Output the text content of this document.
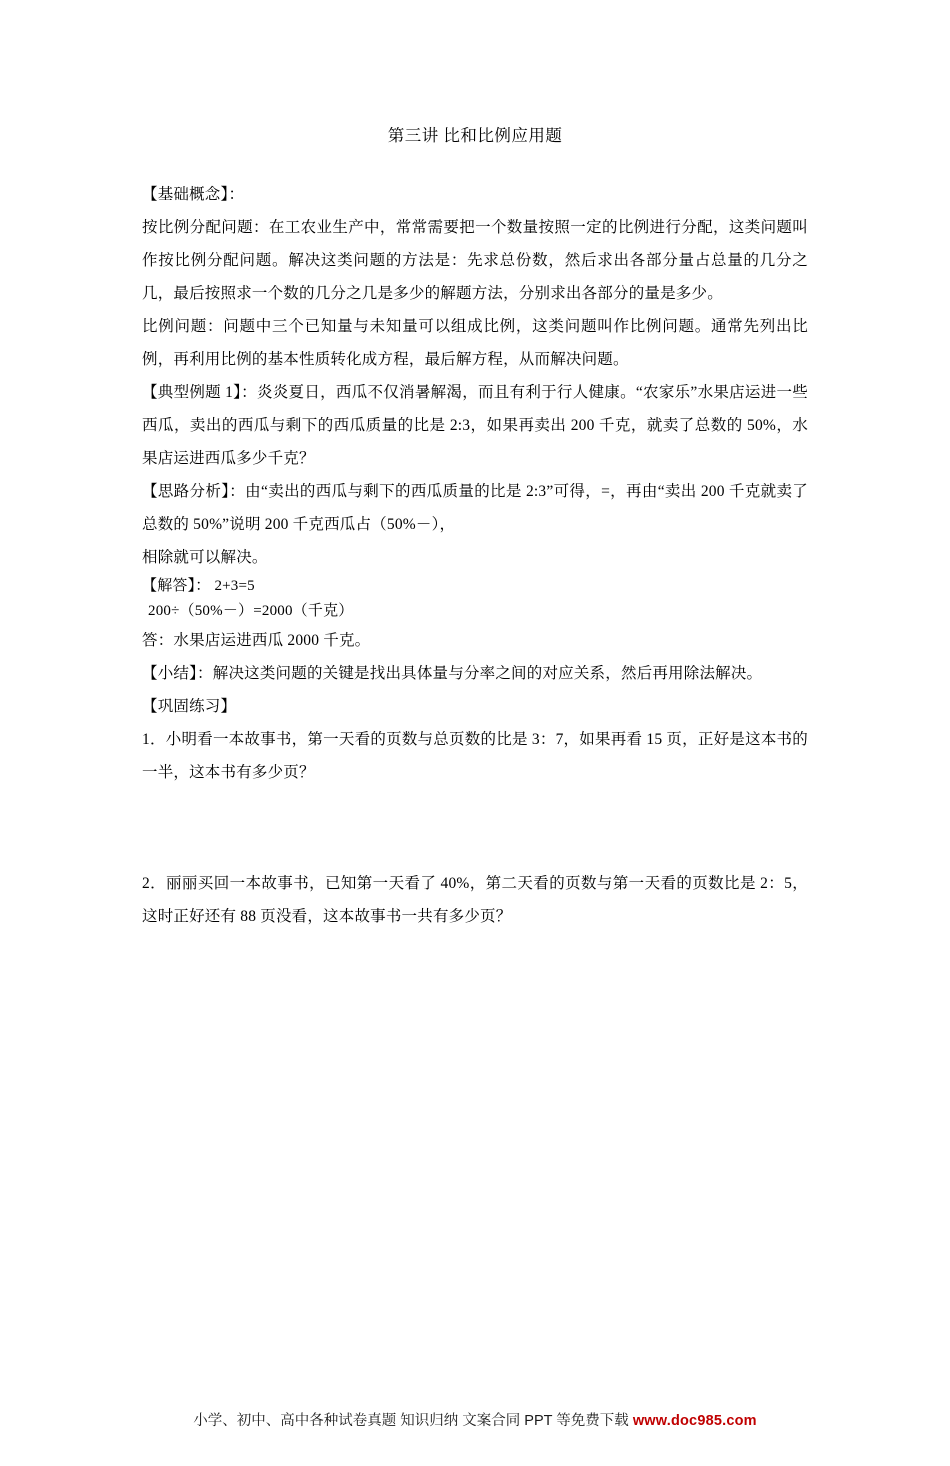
第三讲 比和比例应用题

【基础概念】：

按比例分配问题：在工农业生产中，常常需要把一个数量按照一定的比例进行分配，这类问题叫作按比例分配问题。解决这类问题的方法是：先求总份数，然后求出各部分量占总量的几分之几，最后按照求一个数的几分之几是多少的解题方法，分别求出各部分的量是多少。

比例问题：问题中三个已知量与未知量可以组成比例，这类问题叫作比例问题。通常先列出比例，再利用比例的基本性质转化成方程，最后解方程，从而解决问题。

【典型例题 1】：炎炎夏日，西瓜不仅消暑解渴，而且有利于行人健康。“农家乐”水果店运进一些西瓜，卖出的西瓜与剩下的西瓜质量的比是 2:3，如果再卖出 200 千克，就卖了总数的 50%，水果店运进西瓜多少千克？

【思路分析】：由“卖出的西瓜与剩下的西瓜质量的比是 2:3”可得，=，再由“卖出 200 千克就卖了总数的 50%”说明 200 千克西瓜占（50%－），

相除就可以解决。

【解答】： 2+3=5

200÷（50%－）=2000（千克）

答：水果店运进西瓜 2000 千克。

【小结】：解决这类问题的关键是找出具体量与分率之间的对应关系，然后再用除法解决。

【巩固练习】

1．小明看一本故事书，第一天看的页数与总页数的比是 3：7，如果再看 15 页，正好是这本书的一半，这本书有多少页？

2．丽丽买回一本故事书，已知第一天看了 40%，第二天看的页数与第一天看的页数比是 2：5，这时正好还有 88 页没看，这本故事书一共有多少页？

小学、初中、高中各种试卷真题 知识归纳 文案合同 PPT 等免费下载 www.doc985.com
